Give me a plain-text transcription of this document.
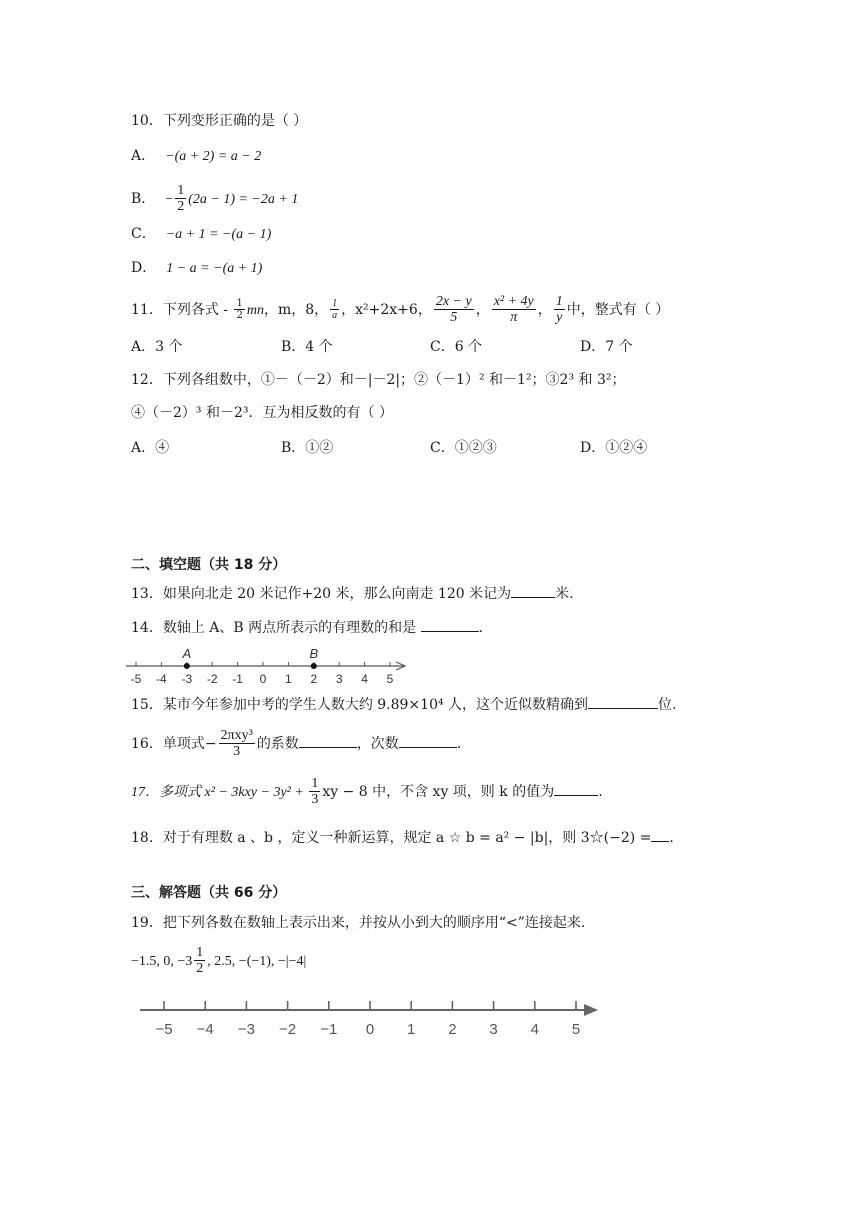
10．下列变形正确的是（ ）
A． −(a + 2) = a − 2
B． − $\frac{1}{2} (2a - 1) = -2a + 1$
C． −a + 1 = −(a − 1)
D． 1 − a = −(a + 1)
11．下列各式 - $\frac{1}{2}$ mn，m，8， $\frac{1}{a}$ ，x²+2x+6， $\frac{2x - y}{5}$ ， $\frac{\text{x² + 4y}}{\pi}$ ， $\frac{1}{y}$ 中，整式有（ ）
A．3 个	B．4 个	C．6 个	D．7 个
12．下列各组数中，①－（－2）和－|－2|；②（－1）² 和－1²；③2³ 和 3²；
④（－2）³ 和－2³．互为相反数的有（ ）
A．④	B．①②	C．①②③	D．①②④
二、填空题（共 18 分）
13．如果向北走 20 米记作+20 米，那么向南走 120 米记为	米.
14．数轴上 A、B 两点所表示的有理数的和是	.
-5 -4 -3 -2 -1 0 1 2 3 4 5
A	B
15．某市今年参加中考的学生人数大约 9.89×10⁴ 人，这个近似数精确到	位.
16．单项式− $\frac{\text{2πxy³}}{3}$ 的系数	，次数	.
17．多项式 $x^2 - 3kxy - 3y^2 + \frac{1}{3}$ xy − 8 中，不含 xy 项，则 k 的值为	.
18．对于有理数 a 、b ，定义一种新运算，规定 a ☆ b = a² − |b|，则 3☆(−2) = .
三、解答题（共 66 分）
19．把下列各数在数轴上表示出来，并按从小到大的顺序用“<”连接起来.
−1.5, 0, $-3 \frac{1}{2}$ , 2.5, −(−1), −|−4|
−5 −4 −3 −2 −1 0 1 2 3 4 5
